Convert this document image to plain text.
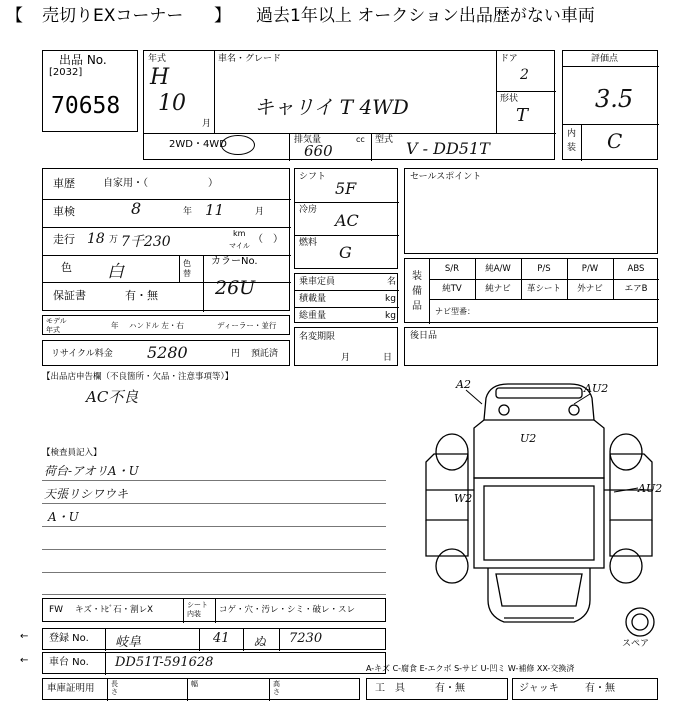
【 売切りEXコーナー 】 過去1年以上 オークション出品歴がない車両
出品 No.
[2032]
70658
年式
H
10
月
車名・グレード
キャリイ T 4WD
ドア
2
形状
T
2WD・4WD	排気量	cc
660
型式 V - DD51T
評価点
3.5
内
装 C
車歴	自家用・（　　　　　　）
車検	8	年 11	月
走行 18 万 7千230
km
マイル
（　）
色 白	色
替
カラーNo.
26U
保証書	有・無
モデル
年式	年 ハンドル 左・右	ディーラー・並行
リサイクル料金 5280	円 預託済
シフト
5F
冷房
AC
燃料 G
乗車定員	名
積載量	kg
総重量	kg
名変期限
月	日
セールスポイント
装備品
S/R	純A/W	P/S	P/W	ABS
純TV	純ナビ	革シート	外ナビ	エアB
ナビ型番：
後日品
【出品店申告欄（不良箇所・欠品・注意事項等）】
AC不良
【検査員記入】
荷台-アオリA・U
天張リシワウキ
A・U
A2	AU2
U2
W2
AU2
スペア
FW キズ・ﾄﾋﾞ石・割レX	シート内装	コゲ・穴・汚レ・シミ・破レ・スレ
← 登録 No. 岐阜	41 ぬ 7230
← 車台 No. DD51T-591628
車庫証明用 長さ
幅	高さ
A-キズ C-腐食 E-エクボ S-サビ U-凹ミ W-補修 XX-交換済
工　具	有・無	ジャッキ	有・無
